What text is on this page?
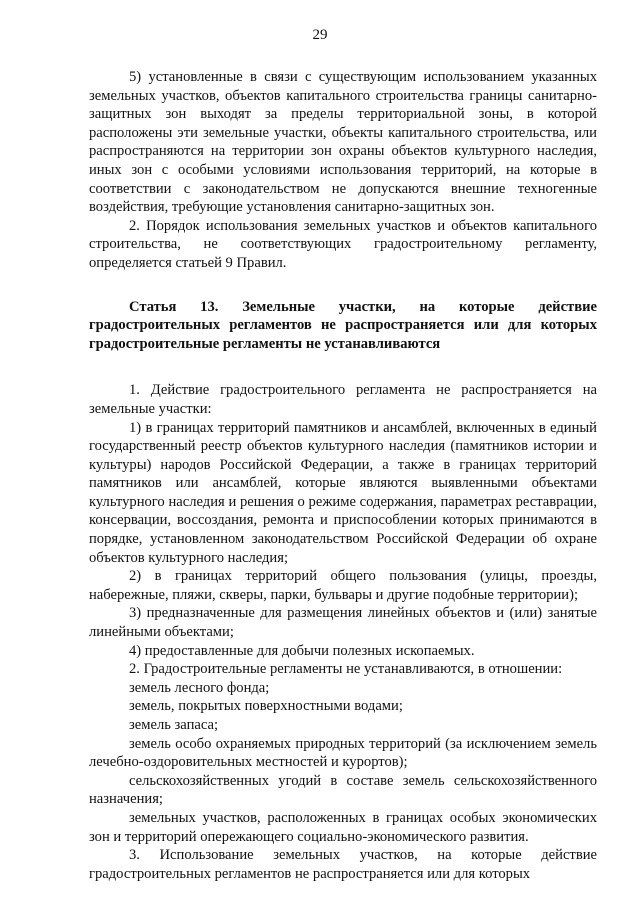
29

5) установленные в связи с существующим использованием указанных земельных участков, объектов капитального строительства границы санитарно-защитных зон выходят за пределы территориальной зоны, в которой расположены эти земельные участки, объекты капитального строительства, или распространяются на территории зон охраны объектов культурного наследия, иных зон с особыми условиями использования территорий, на которые в соответствии с законодательством не допускаются внешние техногенные воздействия, требующие установления санитарно-защитных зон.

2. Порядок использования земельных участков и объектов капитального строительства, не соответствующих градостроительному регламенту, определяется статьей 9 Правил.

Статья 13. Земельные участки, на которые действие градостроительных регламентов не распространяется или для которых градостроительные регламенты не устанавливаются

1. Действие градостроительного регламента не распространяется на земельные участки:

1) в границах территорий памятников и ансамблей, включенных в единый государственный реестр объектов культурного наследия (памятников истории и культуры) народов Российской Федерации, а также в границах территорий памятников или ансамблей, которые являются выявленными объектами культурного наследия и решения о режиме содержания, параметрах реставрации, консервации, воссоздания, ремонта и приспособлении которых принимаются в порядке, установленном законодательством Российской Федерации об охране объектов культурного наследия;

2) в границах территорий общего пользования (улицы, проезды, набережные, пляжи, скверы, парки, бульвары и другие подобные территории);

3) предназначенные для размещения линейных объектов и (или) занятые линейными объектами;

4) предоставленные для добычи полезных ископаемых.

2. Градостроительные регламенты не устанавливаются, в отношении:

земель лесного фонда;

земель, покрытых поверхностными водами;

земель запаса;

земель особо охраняемых природных территорий (за исключением земель лечебно-оздоровительных местностей и курортов);

сельскохозяйственных угодий в составе земель сельскохозяйственного назначения;

земельных участков, расположенных в границах особых экономических зон и территорий опережающего социально-экономического развития.

3. Использование земельных участков, на которые действие градостроительных регламентов не распространяется или для которых
